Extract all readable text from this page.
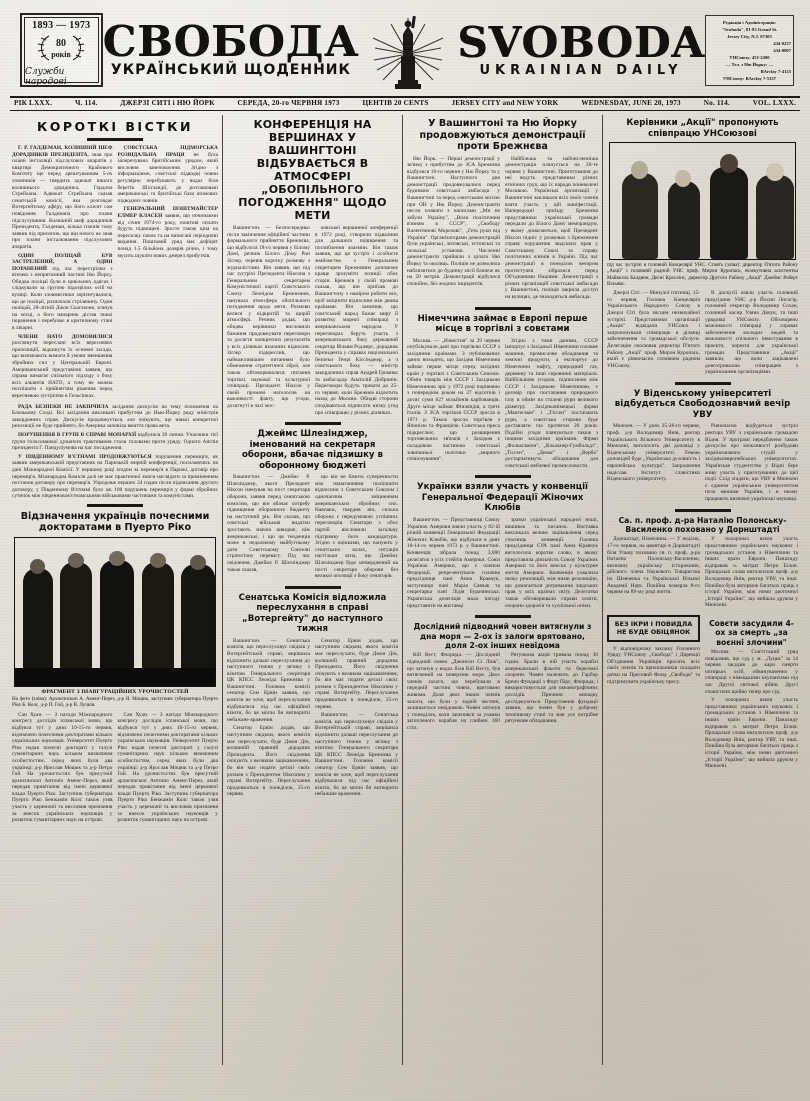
1893 — 1973
80
років
Служби народові
СВОБОДА
УКРАЇНСЬКИЙ ЩОДЕННИК
SVOBODA
UKRAINIAN DAILY
Редакція і Адміністрація:
"Svoboda", 81-83 Grand St.
Jersey City, N.J. 07303
434-0237
434-0807
УНСоюзу: 451-2200
— Тел. з Ню Йорку: —
BArclay 7-4125
УНСоюзу: BArclay 7-5337
РІК LXXX.	Ч. 114.	ДЖЕРЗІ СИТІ і НЮ ЙОРК	СЕРЕДА, 20-го ЧЕРВНЯ 1973	ЦЕНТІВ 20 CENTS	JERSEY CITY and NEW YORK	WEDNESDAY, JUNE 20, 1973	No. 114.	VOL. LXXX.
КОРОТКІ ВІСТКИ

Г. Р. ГАЛДЕМАН, КОЛИШНІЙ ШЕФ ДОРАДНИКІВ ПРЕЗИДЕНТА, знав про плани інсталяції підслухових апаратів у квартирі Демократичного Крайового Комітету ще перед арештуванням 5-ох зломників — твердить адвокат іншого колишнього дорадника, Гордона Стрейхана. Адвокат Стрейхана сказав сенатській комісії, яка розглядає Вотергейтську аферу, що його клієнт сам повідомив Галдемана про плани підслухування. Колишній шеф дорадників Президента, Галдеман, кілька тижнів тому заявив під присягою, що він нічого не знав про плани інсталювання підслухових апаратів.

ОДИН ПОЛІЦАЙ БУВ ЗАСТРЕЛЕНИЙ, А ОДИН ПОРАНЕНИЙ під час перестрілки з втечею з непритомний частині Ню Йорку. Обидва поліцаї були в цивільних одягах і слідкували за групою підозрілих осіб на вулиці. Коли зловмисники зорієнтувалися, що це поліцаї, розпочали стрілянину. Один поліцай, 28-літній Джон Скаглеоне, згинув на місці, а його напарник дістав тяжкі поранення і перебуває в критичному стані в лікарні.

ЧЛЕНИ НАТО ДОМОВИЛИСЯ розглянути переслані всіх вересневих пропозицій, відкинути їх основні засади, що визначають вимоги й умови зменшення збройних сил у Центральній Европі. Американський представник заявив, що справа вимагає спільного підходу з боку всіх альянтів НАТО, а тому не можна поспішати з прийняттям рішення перед вересневою зустріччю в Гельсінках.

СОВЄТСЬКА ПІДМОРСЬКА РОЗВІДАЛЬНА ПРАЦЯ не була заперечувана бритійським урядом, який висловив занепокоєння. Згідно з інформаціями, совєтські підводні човни регулярно перебувають у водах біля берегів Шотландії, де розташовані американські та бритійські бази атомових підводних човнів.

ГЕНЕРАЛЬНИЙ ПОШТМАЙСТЕР ЕЛМЕР КЛАСЕН заявив, що починаючи від січня 1974-го року, поштові оплати будуть підвищені. Зросте також ціна на пересилку пачок та на виписані періодичні видання. Поштовий уряд має дефіцит понад 1.5 більйона долярів річно, і тому мусить шукати нових джерел прибутків.

РАДА БЕЗПЕКИ НЕ ЗАКІНЧИЛА засідання дискусію на тему положення на Близькому Сході. Всі засідання викликані прибуттям до Нью-Йорку ряду міністрів закордонних справ. Дискусія продовжується, але очікують, що ніякої конкретної резолюції не буде прийнято, бо Америка заповіла вжиття права вета.

ПОРУШЕННЯ В ГРУПІ В СПРАВІ МОНАРХІЇ відбулися 20 липня. Учасники тієї групи голосоманкої думаного трактовання стали головами проти уряду. Одного Англія президента Г. Пандуліумова на час посадження.

У ПІВДЕННОМУ В'ЄТНАМІ ПРОДОВЖУЮТЬСЯ порушення перемир'я, як заявив американський представник на Паризькій мирній конференції, посилаючись на дані Міжнародної Комісії. У першому році згодом за перемир'я в Парижі, договір про перемир'я. Міжнародна Комісія далі не має практичної змоги наглядати за приміненням постанов договору про перемир'я. Упродовж перших 24 годин після підписання другого договору, у Південному В'єтнамі було аж 108 порушень перемир'я у формі збройних сутичок між південноков'єтнамськими військовими частинами та комуністами.

Відзначення українців почесними докторатами в Пуерто Ріко
ФРАГМЕНТ З ІНАВГУРАЦІЙНИХ УРОЧИСТОСТЕЙ
На фото (зліва): Архиєпископ А. Аменг-Перез, д-р Я. Моцюк, заступник губернатора Пуерто Ріко Б. Колс, д-р П. Гой, д-р В. Лучків.

Сан Хуан. — З нагоди Міжнародного конгресу дослідів іспанської мови, що відбувся тут у днях 10-15-го червня, відзначено почесними докторатами кількох українських науковців. Університет Пуерто Ріко надав почесні доктораті у галузі гуманітарних наук кільком визначним особистостям, серед яких були два українці: д-р Ярослав Моцюк та д-р Петро Гой. На урочистостях був присутній архиєпископ Антоніо Аменг-Перез, який передав привітання від імені церковної влади Пуерто Ріко. Заступник губернатора Пуерто Ріко Бенжамін Колс також узяв участь у церемонії та висловив признання за внесок українських науковців у розвиток гуманітарних наук на острові.

Сан Хуан. — З нагоди Міжнародного конгресу дослідів іспанської мови, що відбувся тут у днях 10-15-го червня, відзначено почесними докторатами кількох українських науковців. Університет Пуерто Ріко надав почесні доктораті у галузі гуманітарних наук кільком визначним особистостям, серед яких були два українці: д-р Ярослав Моцюк та д-р Петро Гой. На урочистостях був присутній архиєпископ Антоніо Аменг-Перез, який передав привітання від імені церковної влади Пуерто Ріко. Заступник губернатора Пуерто Ріко Бенжамін Колс також узяв участь у церемонії та висловив признання за внесок українських науковців у розвиток гуманітарних наук на острові.

КОНФЕРЕНЦІЯ НА ВЕРШИНАХ У ВАШИНГТОНІ ВІДБУВАЄТЬСЯ В АТМОСФЕРІ „ОБОПІЛЬНОГО ПОГОДЖЕННЯ" ЩОДО МЕТИ

Вашингтон. — Безпосередньо після закінчення офіційної частини формального прийняття Брежнєва, що відбулося 18-го червня у Білому Домі, речник Білого Дому Рон Зіґлер, перевів коротку розмову з журналістами. Він заявив, що під час зустрічі Президента Ніксона з Генеральним секретарем Комуністичної партії Совєтського Союзу Леонідом Брежнєвим, панувала атмосфера обопільного погодження щодо мети. Розмови велися у відкритій та щирій атмосфері. Речник додав, що обидва керівники висловили бажання продовжувати переговори та досягти конкретних результатів у всіх ділянках взаємних відносин. Зіґлер підкреслив, що найважливішим питанням було обмеження стратегічної зброї, але також обговорювалися питання торгівлі, наукової та культурної співпраці. Президент Ніксон у своїй промові наголосив на важливості факту, що угоди, досягнуті в часі мос-

ковської вершинної конференції в 1972 році, створили підвалини для дальшого поширення та поглиблення взаємин. Він також заявив, що ця зустріч і особисте знайомство з Генеральним секретарем Брежнєвим допоможе краще зрозуміти позиції обох сторін. Брежнєв у своїй промові сказав, що він приїхав до Вашингтону з наміром робити все, щоб зміцнити відносини між двома країнами. Він зазначив, що совєтський народ бажає миру й розвитку мирної співпраці з американським народом. У переговорах беруть участь з американського боку державний секретар Вільям Роджерс, дорадник Президента у справах національної безпеки Генрі Кіссінджер, а з совєтського боку — міністр закордонних справ Андрей Ґромико та амбасадор Анатолій Добринін. Переговори будуть тривати до 25-го червня, коли Брежнєв відлетить назад до Москви. Обидві сторони сподіваються підписати низку угод про співпрацю у різних ділянках.

Джеймс Шлезінджер, іменований на секретаря оборони, вбачає підзишку в оборонному бюджеті

Вашингтон. — Джеймс Р. Шлезінджер, якого Президент Ніксон іменував на пост секретаря оборони, заявив перед сенатською комісією, що він вбачає потребу підвищення оборонного бюджету на наступний рік. Він сказав, що совєтські військові видатки зростають значно швидше, ніж американські, і що ця тенденція може в недалекому майбутньому дати Совєтському Союзові стратегічну перевагу. Під час свідчення, Джеймс Р. Шлезінджер також сказав,

що він не бачить суперечности між намаганнями поліпшити відносини з Совєтським Союзом і одночасним зміцненням американських збройних сил. Навпаки, твердив він, сильна оборона є передумовою успішних переговорів. Сенатори з обох партій висловили загальну підтримку його кандидатури. Згідно з оцінками, що панують у сенатських колах, ситуація настільки ясна, що Джеймс Шлезінджер буде затверджений на пості секретаря оборони без великої опозиції з боку сенаторів.

Сенатська Комісія відложила переслухання в справі „Вотергейту" до наступного тижня

Вашингтон. — Сенатська комісія, що переслуховує свідків у Вотергейтській справі, вирішила відложити дальші переслухання до наступного тижня у зв'язку з візитою Генерального секретаря ЦК КПСС Леоніда Брежнєва у Вашингтоні. Головою комісії сенатор Сем Ервін заявив, що комісія не хоче, щоб переслухання відбувалися під час офіційної візити, бо це могло би витворити небажане враження.

Сенатор Ервін додав, що наступним свідком, якого комісія має переслухати, буде Джон Дін, колишній правний дорадник Президента. Його свідчення очікують з великим зацікавленням, бо він має подати деталі своїх розмов з Президентом Ніксоном у справі Вотергейту. Переслухання продовжаться в понеділок, 25-го червня.

Сенатор Ервін додав, що наступним свідком, якого комісія має переслухати, буде Джон Дін, колишній правний дорадник Президента. Його свідчення очікують з великим зацікавленням, бо він має подати деталі своїх розмов з Президентом Ніксоном у справі Вотергейту. Переслухання продовжаться в понеділок, 25-го червня.

Вашингтон. — Сенатська комісія, що переслуховує свідків у Вотергейтській справі, вирішила відложити дальші переслухання до наступного тижня у зв'язку з візитою Генерального секретаря ЦК КПСС Леоніда Брежнєва у Вашингтоні. Головою комісії сенатор Сем Ервін заявив, що комісія не хоче, щоб переслухання відбувалися під час офіційної візити, бо це могло би витворити небажане враження.

У Вашингтоні та Ню Йорку продовжуються демонстрації проти Брежнєва

Ню Йорк. — Перші демонстрації у зв'язку з прибуттям до ЗСА Брежнєва відбулися 16-го червня у Ню Йорку та у Вашингтоні. Наступного дня демонстрації продовжувалися перед будинком совєтської амбасади у Вашингтоні та перед совєтською місією при ОН у Ню Йорку. Демонстранти несли плякати з написами „Ми не забули Україну", „Воля політичним в'язням в СССР", „Свободу Валентинові Морозові", „Геть руки від України". Організаторами демонстрацій були українські, литовські, естонські та польські установи. Численні демонстранти прийшли з цілого Ню Йорку та околиць. Поліція не дозволила наблизитися до будинку місії ближче як на 50 метрів. Демонстрації відбулися спокійно, без жодних інцидентів.

Найбільша та найчисленніша демонстрація планується на 20-те червня у Вашингтоні. Приготування до неї ведуть представники різних етнічних груп, що їх народи поневолені Москвою. Українські організації у Вашингтоні закликали всіх своїх членів взяти участь у цій маніфестації. Напередодні приїзду Брежнєва представники української громади передали до Білого Дому меморандум, у якому домагаються, щоб Президент Ніксон підніс у розмовах з Брежнєвим справу порушення людських прав у Совєтському Союзі та справу політичних в'язнів в Україні. Під час демонстрації в понеділок вечором протестуючі зібралися перед Об'єднаними Націями. Демонстрації з різних організацій совєтської амбасади у Вашингтоні, поліція закрила доступ на вулицях, де знаходиться амбасада.

Німеччина займає в Европі перше місце в торгівлі з совєтами

Москва. — „Известия" за 29 червня опублікували дані про торгівлю СССР з західними країнами. З публікованих даних виходить, що Західня Німеччина займає перше місце серед західних країн у торгівлі з Совєтським Союзом. Обмін товарів між СССР і Західньою Німеччиною зріс у 1972 році порівняно з попереднім роком на 27 відсотків і досяг суми 827 мільйонів карбованців. Друге місце займає Фінляндія, а третє Італія. З ЗСА торгівля СССР зросла в 1971 р. Також зросла торгівля з Японією та Францією. Совєтська преса підкреслює, що розширення торговельних зв'язків з Заходом є складовою частиною совєтської зовнішньої політики „мирного співіснування".

Згідно з тими даними, СССР імпортує з Західньої Німеччини головне машини, промислове обладнання та хемічні продукти, а експортує до Німеччини нафту, природний газ, деревину та інші сировинні матеріали. Найбільшою угодою, підписаною між СССР і Західньою Німеччиною, є договір про постачання природного газу в обмін на сталеві рури великого діаметру. Західньонімецькі фірми „Мангесман" і „Тіссен" постачають рури, а совєтська сторона буде доставляти газ протягом 20 років. Подібні угоди плянуються також з іншими західніми країнами. Фірми „Фольксваґен", „Кльокнер-Гумбольдт", „Тіссен", „Демаґ" і „Верба" достарчатимуть обладнання для совєтської меблевої промисловости.

Українки взяли участь у конвенції Генеральної Федерації Жіночих Клюбів

Вашингтон. — Представниці Союзу Українок Америки взяли участь у 82-ій річній конвенції Генеральної Федерації Жіночих Клюбів, що відбулася в днях 10-14-го червня 1973 р. у Вашингтоні. Конвенція зібрала понад 3,000 делегаток з усіх стейтів Америки. Союз Українок Америки, що є членом Федерації, репрезентували головна предсідниця пані Анна Кравчук, заступниця пані Марія Савчак та секретарка пані Лідія Бурачинська. Українська делегація мала нагоду представити на виставці

зразки української народної ноші, вишивок та писанок. Виставка викликала велике зацікавлення серед учасниць конвенції. Головна предсідниця СУА пані Анна Кравчук виголосила коротке слово, в якому представила діяльність Союзу Українок Америки та його внесок у культурне життя Америки. Конвенція ухвалила низку резолюцій, між ними резолюцію, що домагається дотримання людських прав у всіх країнах світу. Делегатки також обговорювали справи освіти, охорони здоров'я та суспільної опіки.

Дослідний підводний човен витягнули з дна моря — 2-ох із залоги врятовано, доля 2-ох інших невідома

Кій Вест, Флорида. — Дослідний підводний човен „Джонсон Сі Лінк", що затонув у водах біля Кій Весту, був витягнений на поверхню моря. Двох членів залоги, що перебували в передній частині човна, врятовано живими. Доля двох інших членів залоги, що були у задній частині, залишається невідомою. Човен затонув у понеділок, коли зачепився за уламки затопленого корабля на глибині 360 стіп.

Рятункова акція тривала понад 30 годин. Брали в ній участь кораблі американської фльоти та берегової охорони. Човен належить до Гарбор Бренч Фундації з Форт Пірс, Флорида, і використовується для океанографічних дослідів. Причини випадку досліджуються. Представник фундації заявив, що човен був у доброму технічному стані та мав усе потрібне рятункове обладнання.

Керівники „Акції" пропонують співпрацю УНСоюзові
під час зустрічі в головній Канцелярії УНС. Стоять (зліва): директор П'ятого Району „Акції" і головний радний УНС проф. Мирон Куропась, екзекутивна асистентка Майкелла Балдвин, Десні Креслінс, директор Другого Району „Акції" Джеймс Роберт Вільямс.

Джерзі Сіті. — Минулої п'ятниці, 15-го червня, Головна Канцелярія Українського Народного Союзу в Джерзі Сіті була місцем незвичайної зустрічі. Представники організації „Акція" відвідали УНСоюз і запропонували співпрацю в ділянці забезпечення та громадської обслуги. Делегацію очолював директор П'ятого Району „Акції" проф. Мирон Куропась, який є рівночасно головним радним УНСоюзу.

В дискусії взяли участь головний предсідник УНС д-р Йосип Лисогір, головний секретар Володимир Сохан, головний касир Уляна Дячук, та інші урядовці УНСоюзу. Обговорено можливості співпраці у справах забезпечення молодих людей та можливості спільного інвестування в проєкти, корисні для української громади. Представники „Акції" заявили, що вони зацікавлені довготривалою співпрацею з українськими організаціями.

У Віденському університеті відбудеться Свободознавчий вечір УВУ

Мюнхен. — У днях 25-26-го червня, проф. д-р Володимир Янів, ректор Українського Вільного Університету в Мюнхені, виголосить дві доповіді у Віденському університеті. Темою доповідей буде „Українська духовність і європейська культура". Запрошення надіслав Інститут славістики Віденського університету.

Рівночасно відбудеться зустріч ректора УВУ з українською громадою Відня. У програмі передбачено також дискусію про можливості розбудови українознавчих студій у західньоевропейських університетах. Українське студентство у Відні бере живу участь у приготуваннях до цієї події. Слід згадати, що УВУ в Мюнхені є єдиним українським університетом поза межами України, і в ньому працюють визначні українські науковці.

Са. п. проф. д-ра Наталію Полонську-Василенко поховано у Дорнштадті

Дорнштадт, Німеччина. — У неділю, 17-го червня, на цвинтарі в Дорнштадті біля Ульму поховано св. п. проф. д-ра Наталію Полонську-Василенко, визначну українську історикиню, дійсного члена Наукового Товариства ім. Шевченка та Української Вільної Академії Наук. Покійна померла 8-го червня на 89-му році життя.

У похоронах взяли участь представники українських наукових і громадських установ з Німеччини та інших країн Европи. Панахиду відправив о. митрат Петро Білон. Прощальні слова виголосили проф. д-р Володимир Янів, ректор УВУ, та інші. Покійна була авторкою багатьох праць з історії України, між ними двотомної „Історії України", що вийшла друком у Мюнхені.

БЕЗ ІКРИ І ПОВИДЛА НЕ БУДЕ ОБІЦЯНОК

У відповідному заклику Головного Уряду УНСоюзу „Свобода" і Дирекції Об'єднання Українців просить всіх своїх членів та прихильників складати датки на Пресовий Фонд „Свободи" та підтримувати українську пресу.

Совєти засудили 4-ох за смерть „за воєнні злочини"

Москва. — Сов'єтський уряд повідомив, що суд у м. „Луцьк" за 14 червня засудив до кари смерти чотирьох осіб, обвинувачених у співпраці з німецькими окупантами під час Другої світової війни. Другі сповістили щойно тепер про суд.

У похоронах взяли участь представники українських наукових і громадських установ з Німеччини та інших країн Европи. Панахиду відправив о. митрат Петро Білон. Прощальні слова виголосили проф. д-р Володимир Янів, ректор УВУ, та інші. Покійна була авторкою багатьох праць з історії України, між ними двотомної „Історії України", що вийшла друком у Мюнхені.
